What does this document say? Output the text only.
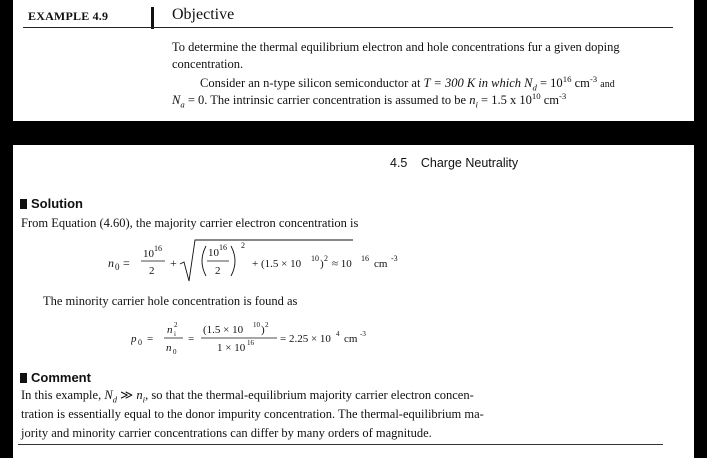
EXAMPLE 4.9	Objective
To determine the thermal equilibrium electron and hole concentrations fur a given doping
concentration.
Consider an n-type silicon semiconductor at T = 300 K in which $N_d = 10^{16}$ $cm^{-3}$ and
$N_a = 0$. The intrinsic carrier concentration is assumed to be $n_i = 1.5$ x $10^{10}$ $cm^{-3}$
4.5 Charge Neutrality
Solution
From Equation (4.60), the majority carrier electron concentration is
n 0 =
10 16
2
+
10 16
2
2
+ (1.5 × 10 10 ) 2 ≈ 10 16 cm -3
The minority carrier hole concentration is found as
p 0 =
n 2
i
n 0
=
(1.5 × 10 10 ) 2
1 × 10 16 = 2.25 × 10 4 cm -3
Comment
In this example, $N_d$ ≫ $n_i$, so that the thermal-equilibrium majority carrier electron concen-
tration is essentially equal to the donor impurity concentration. The thermal-equilibrium ma-
jority and minority carrier concentrations can differ by many orders of magnitude.
